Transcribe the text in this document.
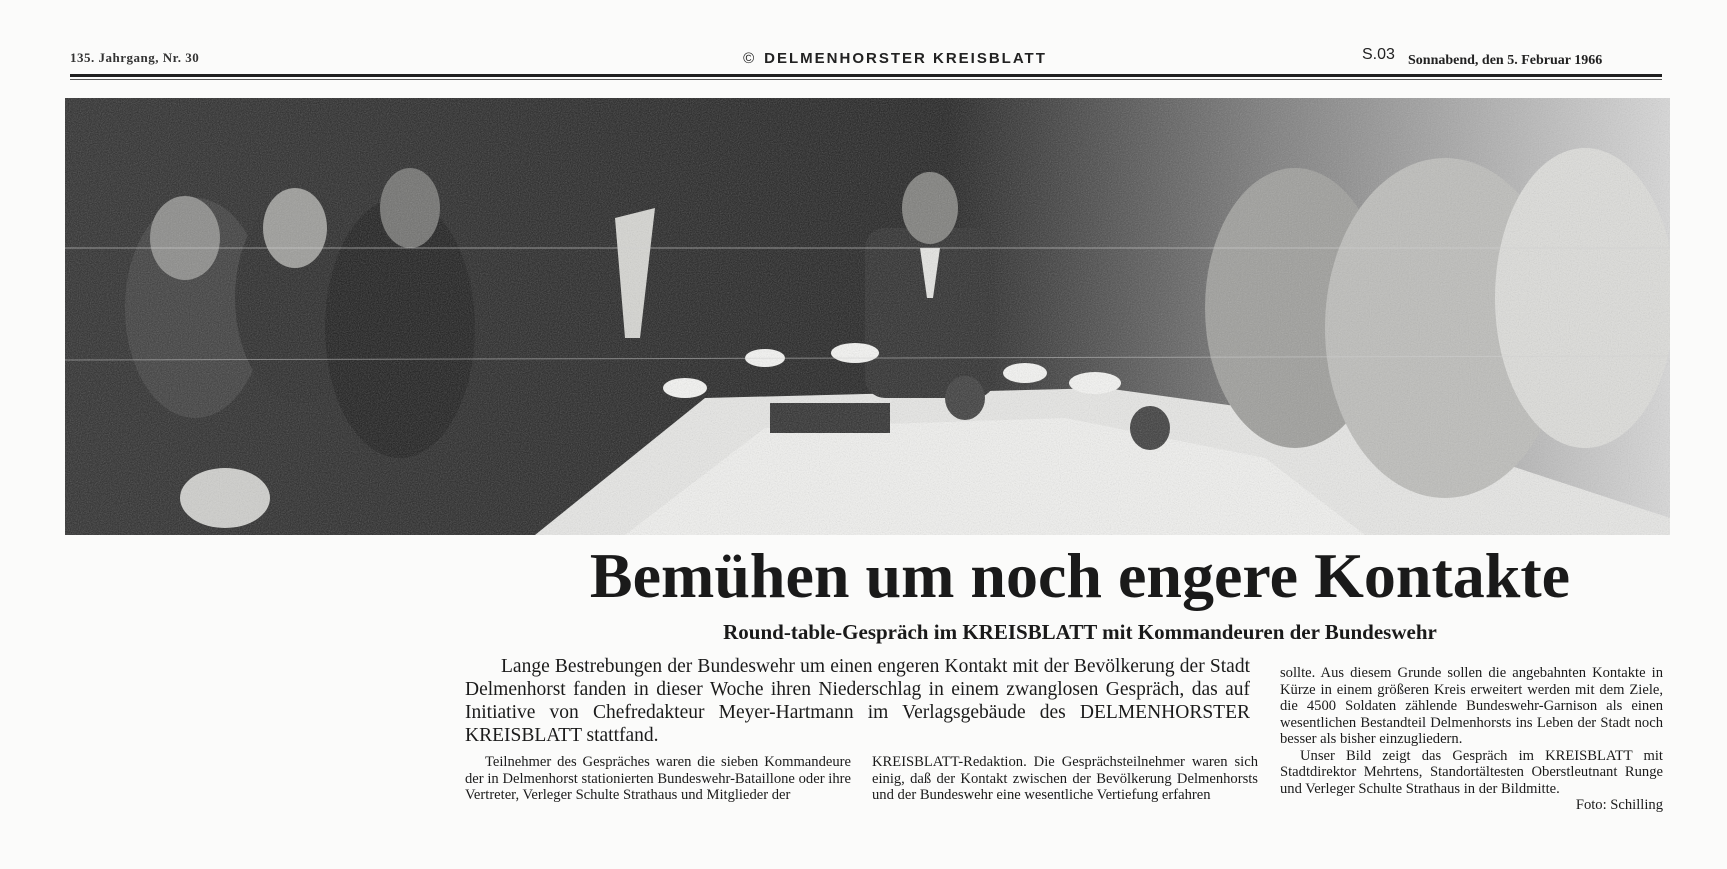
135. Jahrgang, Nr. 30	© DELMENHORSTER KREISBLATT	S.03 Sonnabend, den 5. Februar 1966
Bemühen um noch engere Kontakte
Round-table-Gespräch im KREISBLATT mit Kommandeuren der Bundeswehr
Lange Bestrebungen der Bundeswehr um einen engeren Kontakt mit der Bevölkerung der Stadt Delmenhorst fanden in dieser Woche ihren Niederschlag in einem zwanglosen Gespräch, das auf Initiative von Chefredakteur Meyer-Hartmann im Verlagsgebäude des DELMENHORSTER KREISBLATT stattfand.
Teilnehmer des Gespräches waren die sieben Kommandeure der in Delmenhorst stationierten Bundeswehr-Bataillone oder ihre Vertreter, Verleger Schulte Strathaus und Mitglieder der
KREISBLATT-Redaktion. Die Gesprächsteilnehmer waren sich einig, daß der Kontakt zwischen der Bevölkerung Delmenhorsts und der Bundeswehr eine wesentliche Vertiefung erfahren

sollte. Aus diesem Grunde sollen die angebahnten Kontakte in Kürze in einem größeren Kreis erweitert werden mit dem Ziele, die 4500 Soldaten zählende Bundeswehr-Garnison als einen wesentlichen Bestandteil Delmenhorsts ins Leben der Stadt noch besser als bisher einzugliedern.

Unser Bild zeigt das Gespräch im KREISBLATT mit Stadtdirektor Mehrtens, Standortältesten Oberstleutnant Runge und Verleger Schulte Strathaus in der Bildmitte.
Foto: Schilling
